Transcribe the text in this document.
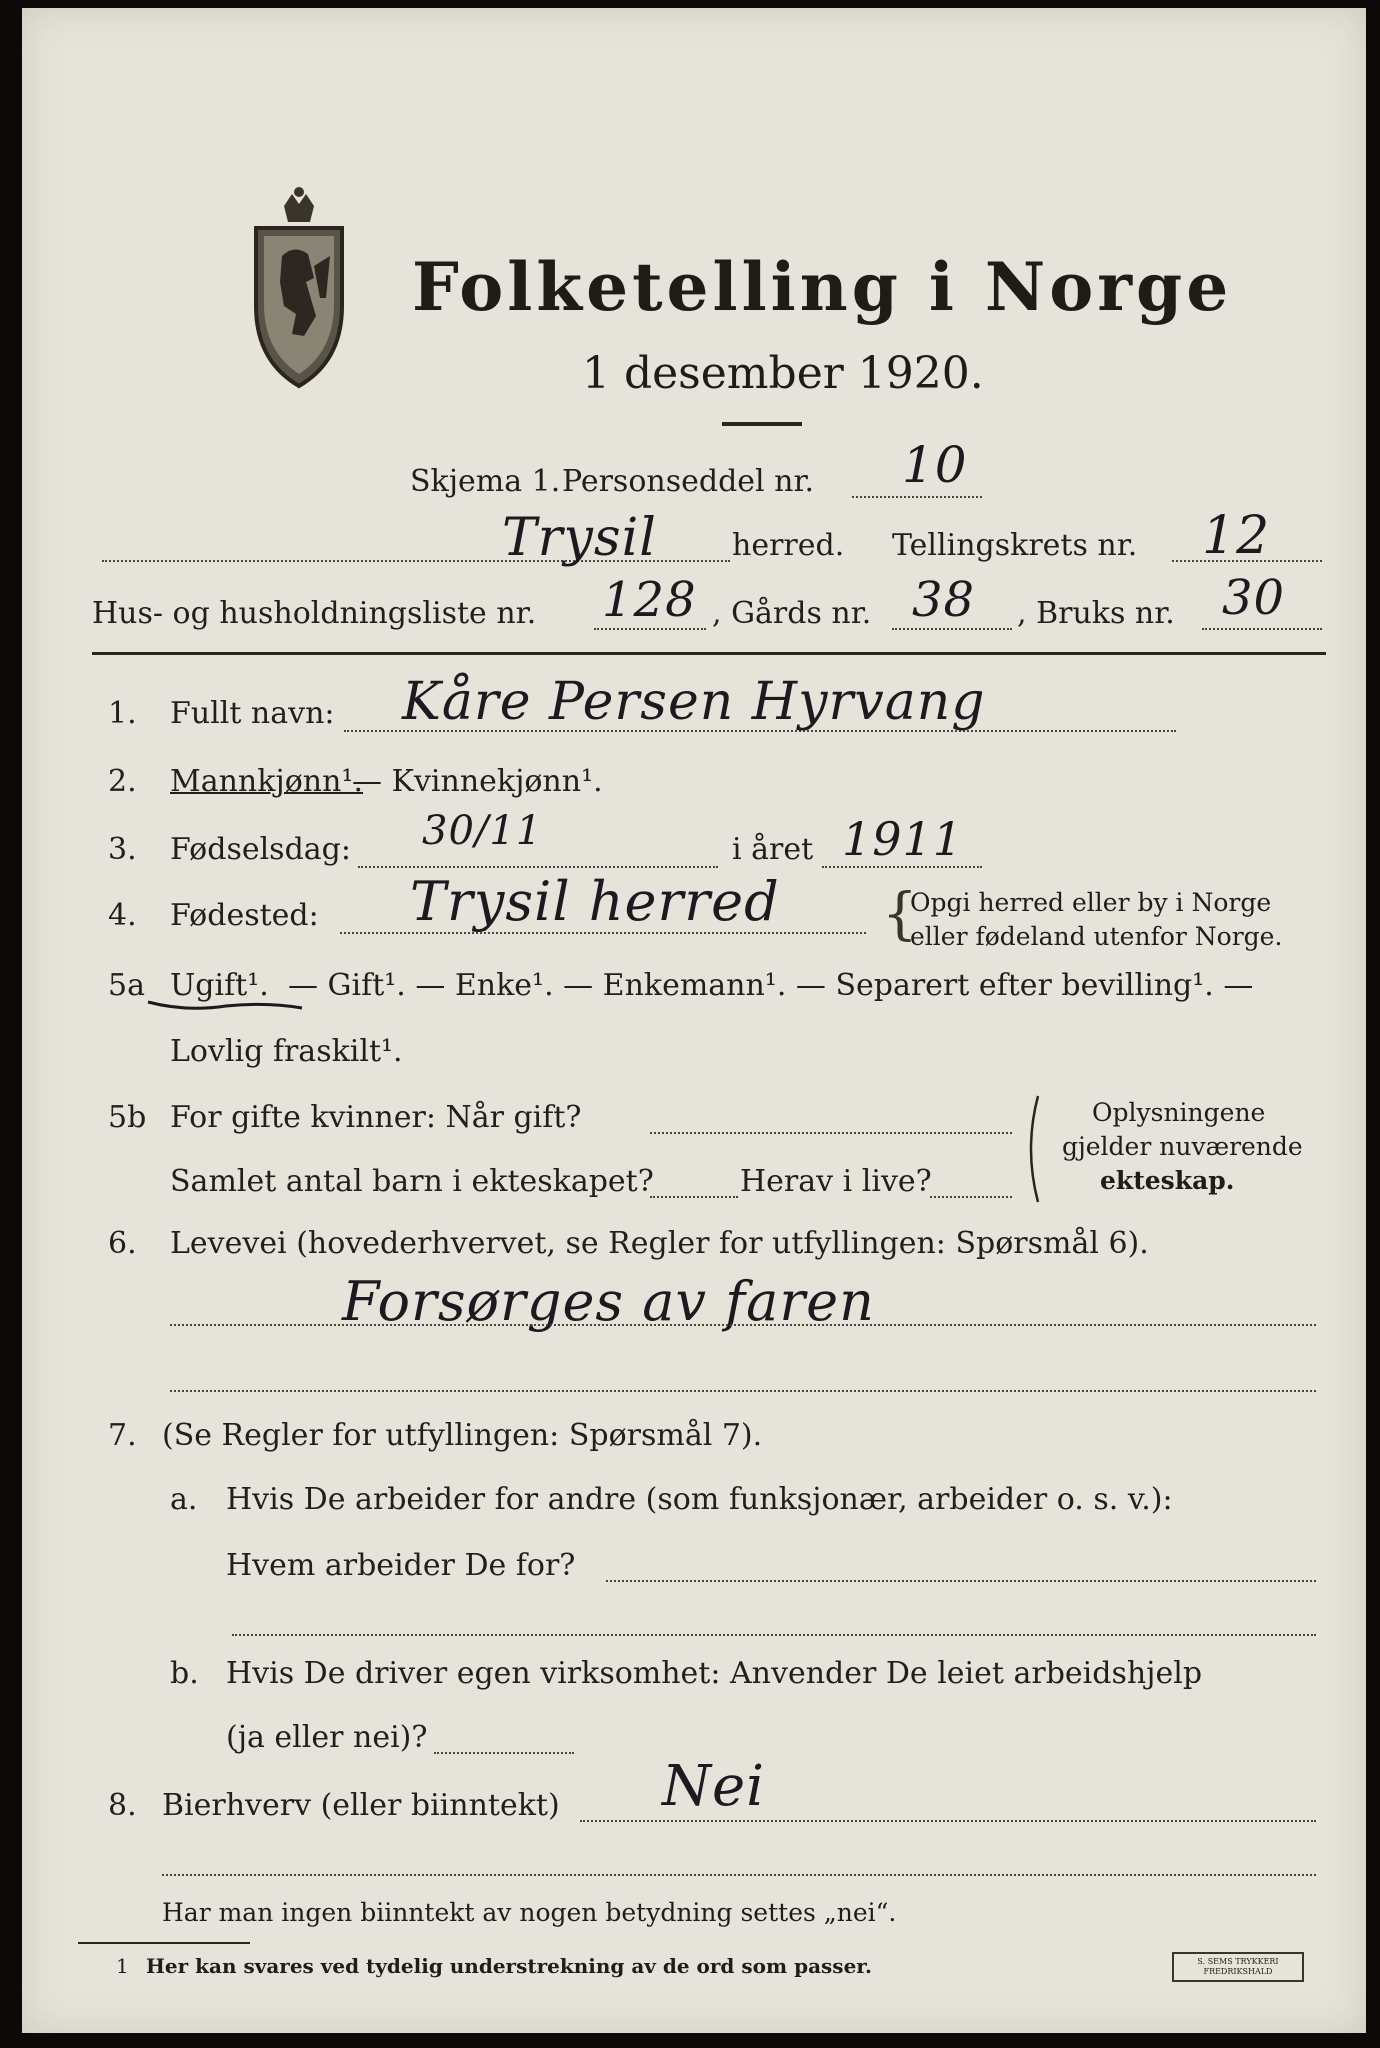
Folketelling i Norge
1 desember 1920.
Skjema 1. Personseddel nr. 10
Trysil	herred. Tellingskrets nr. 12
Hus- og husholdningsliste nr. 128 , Gårds nr. 38 , Bruks nr. 30
1. Fullt navn: Kåre Persen Hyrvang
2. Mannkjønn¹.
— Kvinnekjønn¹.
3. Fødselsdag: 30/11	i året 1911
4. Fødested: Trysil herred {
Opgi herred eller by i Norge
eller fødeland utenfor Norge.
5a Ugift¹. — Gift¹. — Enke¹. — Enkemann¹. — Separert efter bevilling¹. —
Lovlig fraskilt¹.
5b For gifte kvinner: Når gift?
Samlet antal barn i ekteskapet?	Herav i live?
Oplysningene
gjelder nuværende
ekteskap.
6. Levevei (hovederhvervet, se Regler for utfyllingen: Spørsmål 6).
Forsørges av faren
7. (Se Regler for utfyllingen: Spørsmål 7).
a. Hvis De arbeider for andre (som funksjonær, arbeider o. s. v.):
Hvem arbeider De for?
b. Hvis De driver egen virksomhet: Anvender De leiet arbeidshjelp
(ja eller nei)?
8. Bierhverv (eller biinntekt) Nei
Har man ingen biinntekt av nogen betydning settes „nei“.
1 Her kan svares ved tydelig understrekning av de ord som passer.	S. SEMS TRYKKERI
FREDRIKSHALD
